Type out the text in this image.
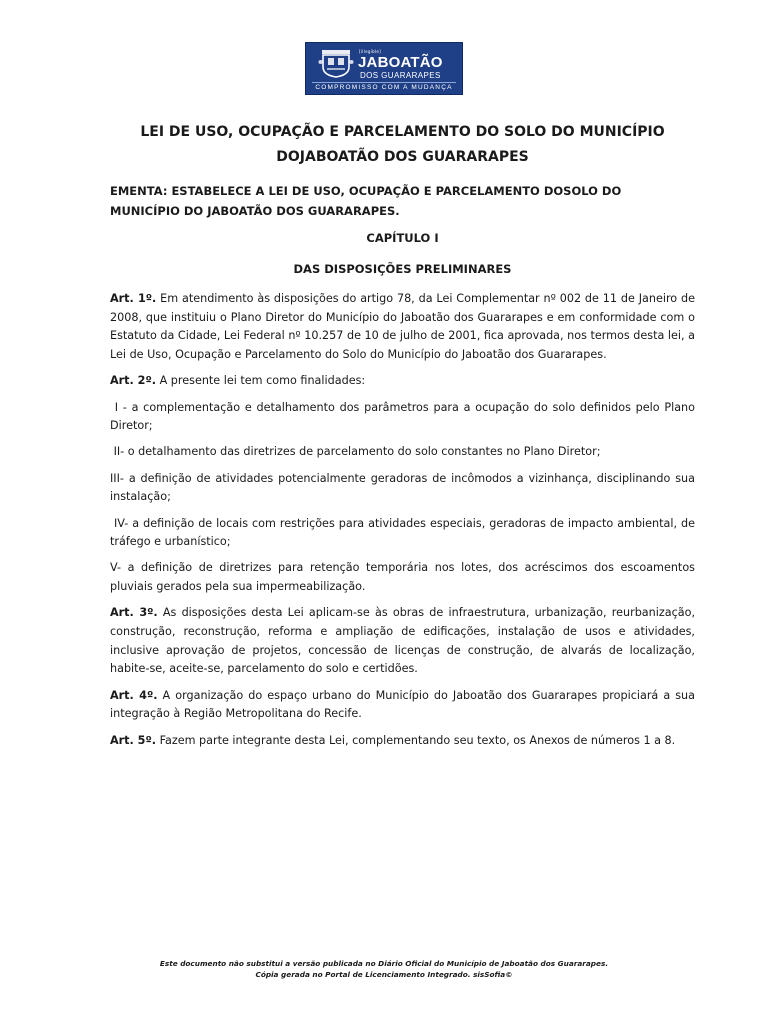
[illegible]
JABOATÃO
DOS GUARARAPES
COMPROMISSO COM A MUDANÇA
LEI DE USO, OCUPAÇÃO E PARCELAMENTO DO SOLO DO MUNICÍPIO
DOJABOATÃO DOS GUARARAPES
EMENTA: ESTABELECE A LEI DE USO, OCUPAÇÃO E PARCELAMENTO DOSOLO DO MUNICÍPIO DO JABOATÃO DOS GUARARAPES.
CAPÍTULO I
DAS DISPOSIÇÕES PRELIMINARES

Art. 1º. Em atendimento às disposições do artigo 78, da Lei Complementar nº 002 de 11 de Janeiro de 2008, que instituiu o Plano Diretor do Município do Jaboatão dos Guararapes e em conformidade com o Estatuto da Cidade, Lei Federal nº 10.257 de 10 de julho de 2001, fica aprovada, nos termos desta lei, a Lei de Uso, Ocupação e Parcelamento do Solo do Município do Jaboatão dos Guararapes.

Art. 2º. A presente lei tem como finalidades:

I - a complementação e detalhamento dos parâmetros para a ocupação do solo definidos pelo Plano Diretor;

II- o detalhamento das diretrizes de parcelamento do solo constantes no Plano Diretor;

III- a definição de atividades potencialmente geradoras de incômodos a vizinhança, disciplinando sua instalação;

IV- a definição de locais com restrições para atividades especiais, geradoras de impacto ambiental, de tráfego e urbanístico;

V- a definição de diretrizes para retenção temporária nos lotes, dos acréscimos dos escoamentos pluviais gerados pela sua impermeabilização.

Art. 3º. As disposições desta Lei aplicam-se às obras de infraestrutura, urbanização, reurbanização, construção, reconstrução, reforma e ampliação de edificações, instalação de usos e atividades, inclusive aprovação de projetos, concessão de licenças de construção, de alvarás de localização, habite-se, aceite-se, parcelamento do solo e certidões.

Art. 4º. A organização do espaço urbano do Município do Jaboatão dos Guararapes propiciará a sua integração à Região Metropolitana do Recife.

Art. 5º. Fazem parte integrante desta Lei, complementando seu texto, os Anexos de números 1 a 8.

Este documento não substitui a versão publicada no Diário Oficial do Município de Jaboatão dos Guararapes.
Cópia gerada no Portal de Licenciamento Integrado. sisSofia©
